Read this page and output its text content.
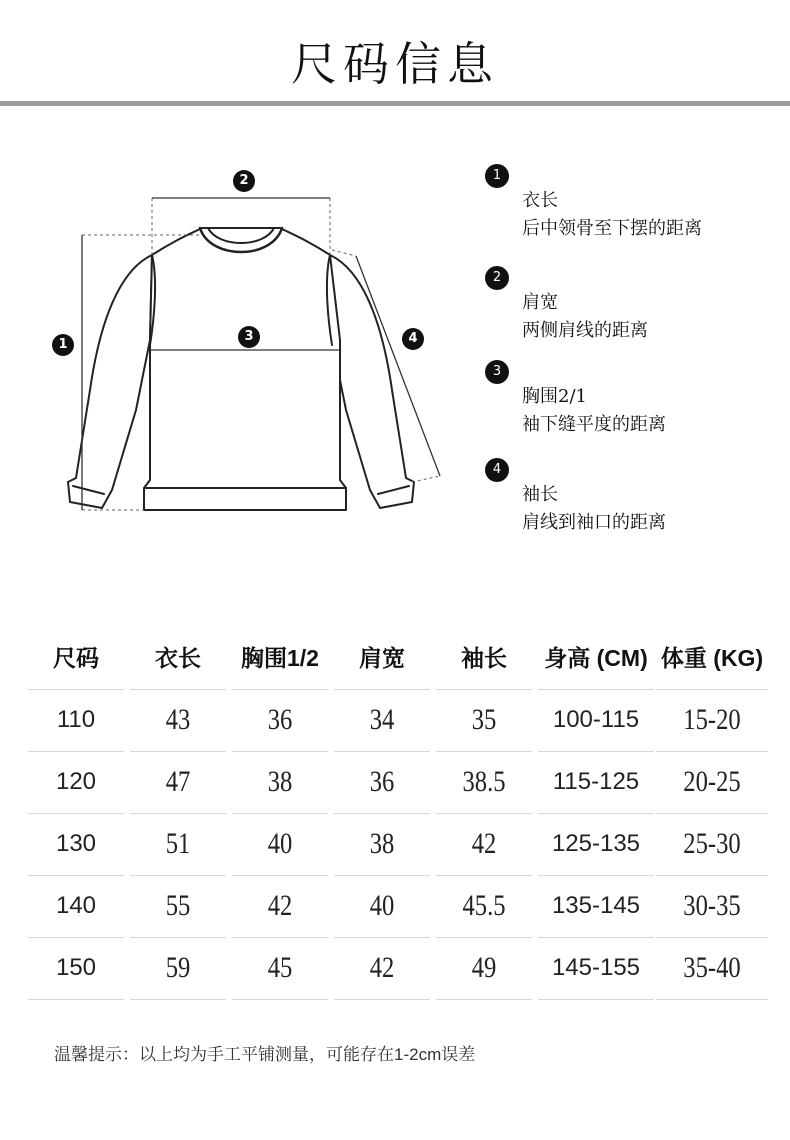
尺码信息
1
2
3	4
1
衣长
后中领骨至下摆的距离
2
肩宽
两侧肩线的距离
3
胸围2/1
袖下缝平度的距离
4
袖长
肩线到袖口的距离
尺码	衣长	胸围1/2	肩宽	袖长	身高 (CM) 体重 (KG)
110	43	36	34	35	100-115	15-20
120	47	38	36	38.5	115-125	20-25
130	51	40	38	42	125-135	25-30
140	55	42	40	45.5	135-145	30-35
150	59	45	42	49	145-155	35-40
温馨提示：以上均为手工平铺测量，可能存在1-2cm误差
